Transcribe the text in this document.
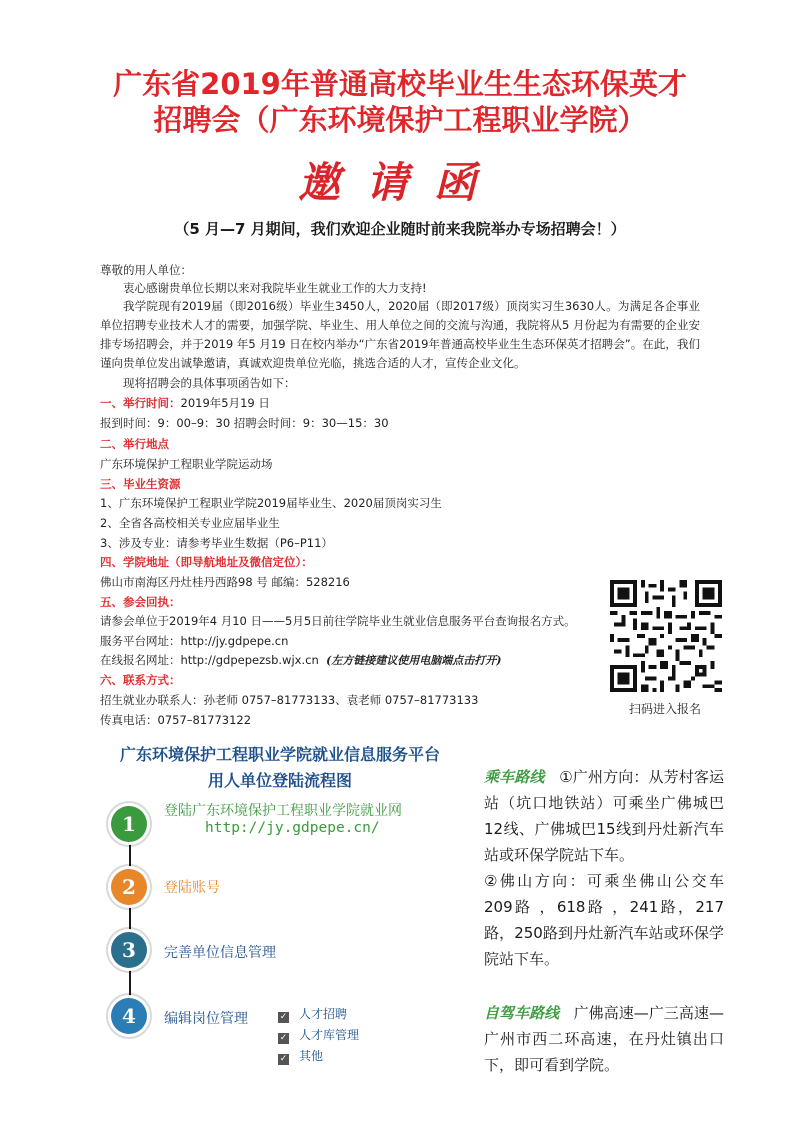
广东省2019年普通高校毕业生生态环保英才
招聘会（广东环境保护工程职业学院）
邀请函
（5 月—7 月期间，我们欢迎企业随时前来我院举办专场招聘会！）
尊敬的用人单位：
衷心感谢贵单位长期以来对我院毕业生就业工作的大力支持!
我学院现有2019届（即2016级）毕业生3450人，2020届（即2017级）顶岗实习生3630人。为满足各企事业单位招聘专业技术人才的需要，加强学院、毕业生、用人单位之间的交流与沟通，我院将从5 月份起为有需要的企业安排专场招聘会，并于2019 年5 月19 日在校内举办“广东省2019年普通高校毕业生生态环保英才招聘会”。在此，我们谨向贵单位发出诚挚邀请，真诚欢迎贵单位光临，挑选合适的人才，宣传企业文化。
现将招聘会的具体事项函告如下：
一、举行时间：2019年5月19 日
报到时间：9：00–9：30 招聘会时间：9：30—15：30
二、举行地点
广东环境保护工程职业学院运动场
三、毕业生资源
1、广东环境保护工程职业学院2019届毕业生、2020届顶岗实习生
2、全省各高校相关专业应届毕业生
3、涉及专业：请参考毕业生数据（P6–P11）
四、学院地址（即导航地址及微信定位）：
佛山市南海区丹灶桂丹西路98 号 邮编：528216
五、参会回执：
请参会单位于2019年4 月10 日——5月5日前往学院毕业生就业信息服务平台查询报名方式。
服务平台网址：http://jy.gdpepe.cn
在线报名网址：http://gdpepezsb.wjx.cn (左方链接建议使用电脑端点击打开)
六、联系方式：
招生就业办联系人：孙老师 0757–81773133、袁老师 0757–81773133
传真电话：0757–81773122
扫码进入报名
广东环境保护工程职业学院就业信息服务平台
用人单位登陆流程图
1
2
3
4
登陆广东环境保护工程职业学院就业网
http://jy.gdpepe.cn/
登陆账号
完善单位信息管理
编辑岗位管理	✓ 人才招聘
✓ 人才库管理
✓ 其他
乘车路线 ①广州方向：从芳村客运站（坑口地铁站）可乘坐广佛城巴12线、广佛城巴15线到丹灶新汽车站或环保学院站下车。
②佛山方向：可乘坐佛山公交车 209路 ，618路 ，241路，217路，250路到丹灶新汽车站或环保学院站下车。
自驾车路线 广佛高速—广三高速—广州市西二环高速，在丹灶镇出口下，即可看到学院。
